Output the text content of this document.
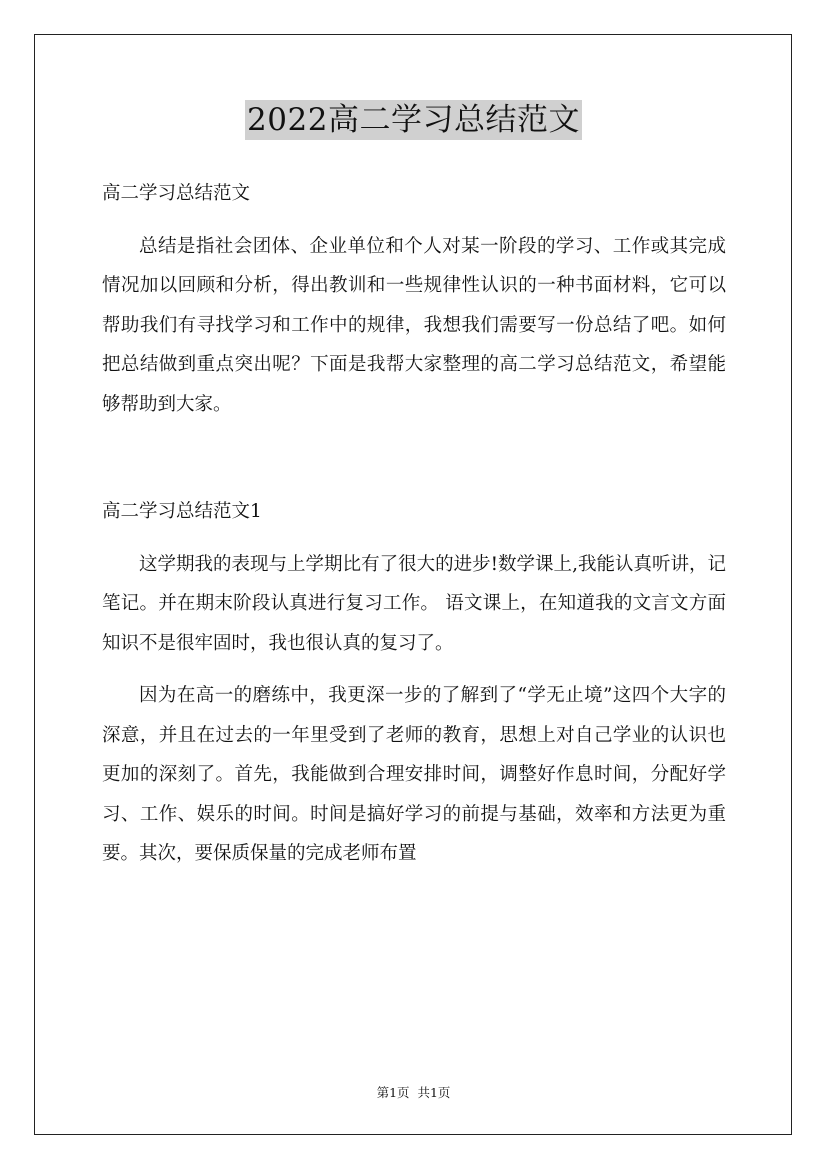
2022高二学习总结范文

高二学习总结范文

总结是指社会团体、企业单位和个人对某一阶段的学习、工作或其完成情况加以回顾和分析，得出教训和一些规律性认识的一种书面材料，它可以帮助我们有寻找学习和工作中的规律，我想我们需要写一份总结了吧。如何把总结做到重点突出呢？下面是我帮大家整理的高二学习总结范文，希望能够帮助到大家。

高二学习总结范文1

这学期我的表现与上学期比有了很大的进步!数学课上,我能认真听讲，记笔记。并在期末阶段认真进行复习工作。 语文课上，在知道我的文言文方面知识不是很牢固时，我也很认真的复习了。

因为在高一的磨练中，我更深一步的了解到了“学无止境”这四个大字的深意，并且在过去的一年里受到了老师的教育，思想上对自己学业的认识也更加的深刻了。首先，我能做到合理安排时间，调整好作息时间，分配好学习、工作、娱乐的时间。时间是搞好学习的前提与基础，效率和方法更为重要。其次，要保质保量的完成老师布置

第1页 共1页
